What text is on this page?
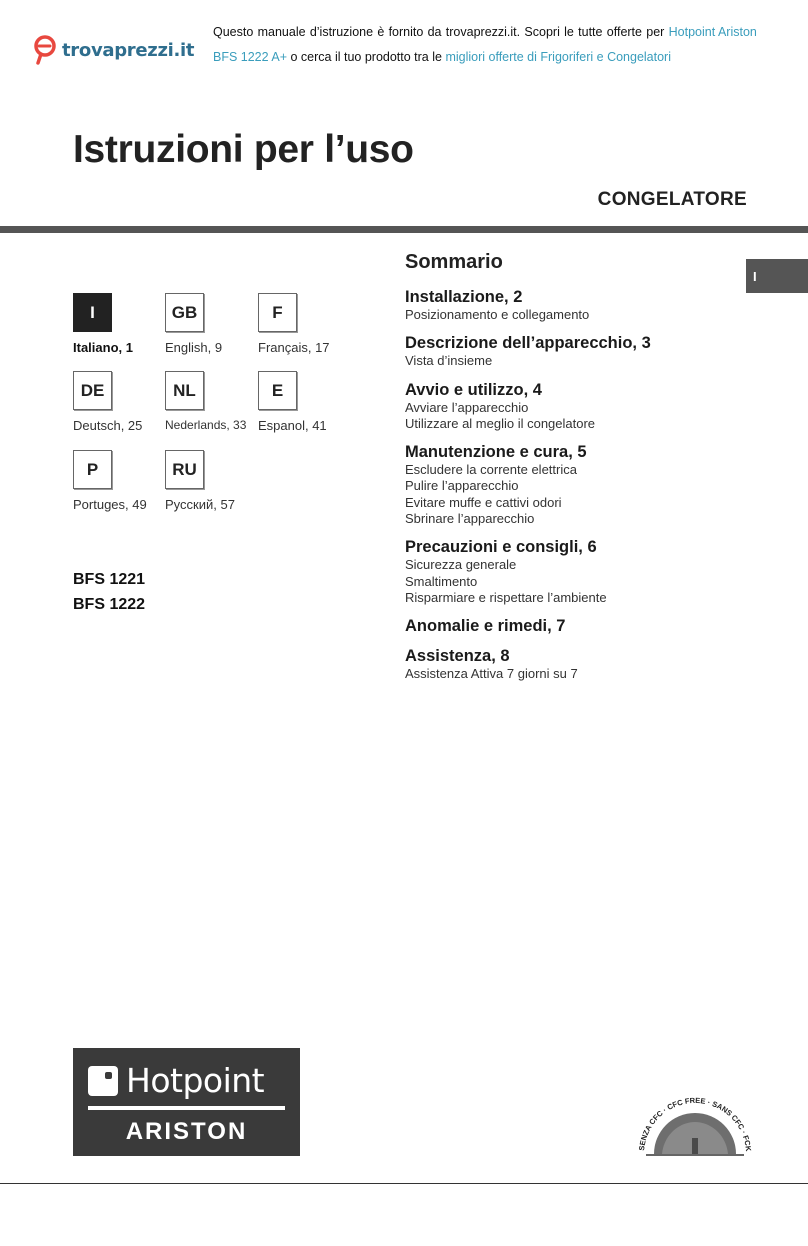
trovaprezzi.it
Questo manuale d’istruzione è fornito da trovaprezzi.it. Scopri le tutte offerte per Hotpoint Ariston
BFS 1222 A+ o cerca il tuo prodotto tra le migliori offerte di Frigoriferi e Congelatori
Istruzioni per l’uso
CONGELATORE
I
I
Italiano, 1
GB
English, 9
F
Français, 17
DE
Deutsch, 25
NL
Nederlands, 33
E
Espanol, 41
P
Portuges, 49
RU
Русский, 57
BFS 1221
BFS 1222
Sommario
Installazione, 2
Posizionamento e collegamento
Descrizione dell’apparecchio, 3
Vista d’insieme
Avvio e utilizzo, 4
Avviare l’apparecchio
Utilizzare al meglio il congelatore
Manutenzione e cura, 5
Escludere la corrente elettrica
Pulire l’apparecchio
Evitare muffe e cattivi odori
Sbrinare l’apparecchio
Precauzioni e consigli, 6
Sicurezza generale
Smaltimento
Risparmiare e rispettare l’ambiente
Anomalie e rimedi, 7
Assistenza, 8
Assistenza Attiva 7 giorni su 7
Hotpoint
ARISTON
SENZA CFC · CFC FREE · SANS CFC · FCK
